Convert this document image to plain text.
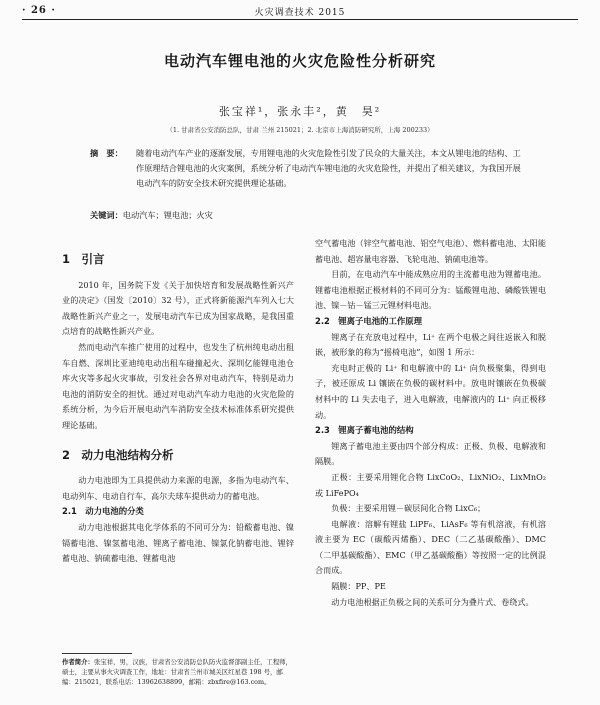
· 26 ·	火灾调查技术 2015
电动汽车锂电池的火灾危险性分析研究
张宝祥¹，张永丰²，黄　昊²
（1. 甘肃省公安消防总队，甘肃 兰州 215021；2. 北京市上海消防研究所，上海 200233）
摘　要：	随着电动汽车产业的逐渐发展，专用锂电池的火灾危险性引发了民众的大量关注，本文从锂电池的结构、工作原理结合锂电池的火灾案例，系统分析了电动汽车锂电池的火灾危险性，并提出了相关建议，为我国开展电动汽车的防安全技术研究提供理论基础。
关键词：电动汽车；锂电池；火灾

1　引言

2010 年，国务院下发《关于加快培育和发展战略性新兴产业的决定》（国发〔2010〕32 号），正式将新能源汽车列入七大战略性新兴产业之一，发展电动汽车已成为国家战略，是我国重点培育的战略性新兴产业。

然而电动汽车推广使用的过程中，也发生了杭州纯电动出租车自燃、深圳比亚迪纯电动出租车碰撞起火、深圳亿能锂电池仓库火灾等多起火灾事故，引发社会各界对电动汽车，特别是动力电池的消防安全的担忧。通过对电动汽车动力电池的火灾危险的系统分析，为今后开展电动汽车消防安全技术标准体系研究提供理论基础。

2　动力电池结构分析

动力电池即为工具提供动力来源的电源，多指为电动汽车、电动列车、电动自行车、高尔夫球车提供动力的蓄电池。

2.1　动力电池的分类

动力电池根据其电化学体系的不同可分为：铅酸蓄电池、镍镉蓄电池、镍氢蓄电池、锂离子蓄电池、镍氯化钠蓄电池、锂锌蓄电池、钠硫蓄电池、锂蓄电池

空气蓄电池（锌空气蓄电池、铝空气电池）、燃料蓄电池、太阳能蓄电池、超容量电容器、飞轮电池、钠硫电池等。

目前，在电动汽车中能成熟应用的主流蓄电池为锂蓄电池。锂蓄电池根据正极材料的不同可分为：锰酸锂电池、磷酸铁锂电池、镍－钴－锰三元锂材料电池。

2.2　锂离子电池的工作原理

锂离子在充放电过程中，Li⁺ 在两个电极之间往返嵌入和脱嵌，被形象的称为“摇椅电池”，如图 1 所示：

充电时正极的 Li⁺ 和电解液中的 Li⁺ 向负极聚集，得到电子，被还原成 Li 镶嵌在负极的碳材料中。放电时镶嵌在负极碳材料中的 Li 失去电子，进入电解液，电解液内的 Li⁺ 向正极移动。

2.3　锂离子蓄电池的结构

锂离子蓄电池主要由四个部分构成：正极、负极、电解液和隔膜。

正极：主要采用锂化合物 LixCoO₂、LixNiO₂、LixMnO₂ 或 LiFePO₄

负极：主要采用锂－碳层间化合物 LixC₆；

电解液：溶解有锂盐 LiPF₆、LiAsF₆ 等有机溶液，有机溶液主要为 EC（碳酸丙烯酯）、DEC（二乙基碳酸酯）、DMC（二甲基碳酸酯）、EMC（甲乙基碳酸酯）等按照一定的比例混合而成。

隔膜：PP、PE

动力电池根据正负极之间的关系可分为叠片式、卷绕式。

作者简介：张宝祥，男，汉族，甘肃省公安消防总队防火监督部副主任，工程师，硕士，主要从事火灾调查工作，地址：甘肃省兰州市城关区红星巷 198 号，邮编：215021，联系电话：13962638899，邮箱：zbxfire@163.com。
